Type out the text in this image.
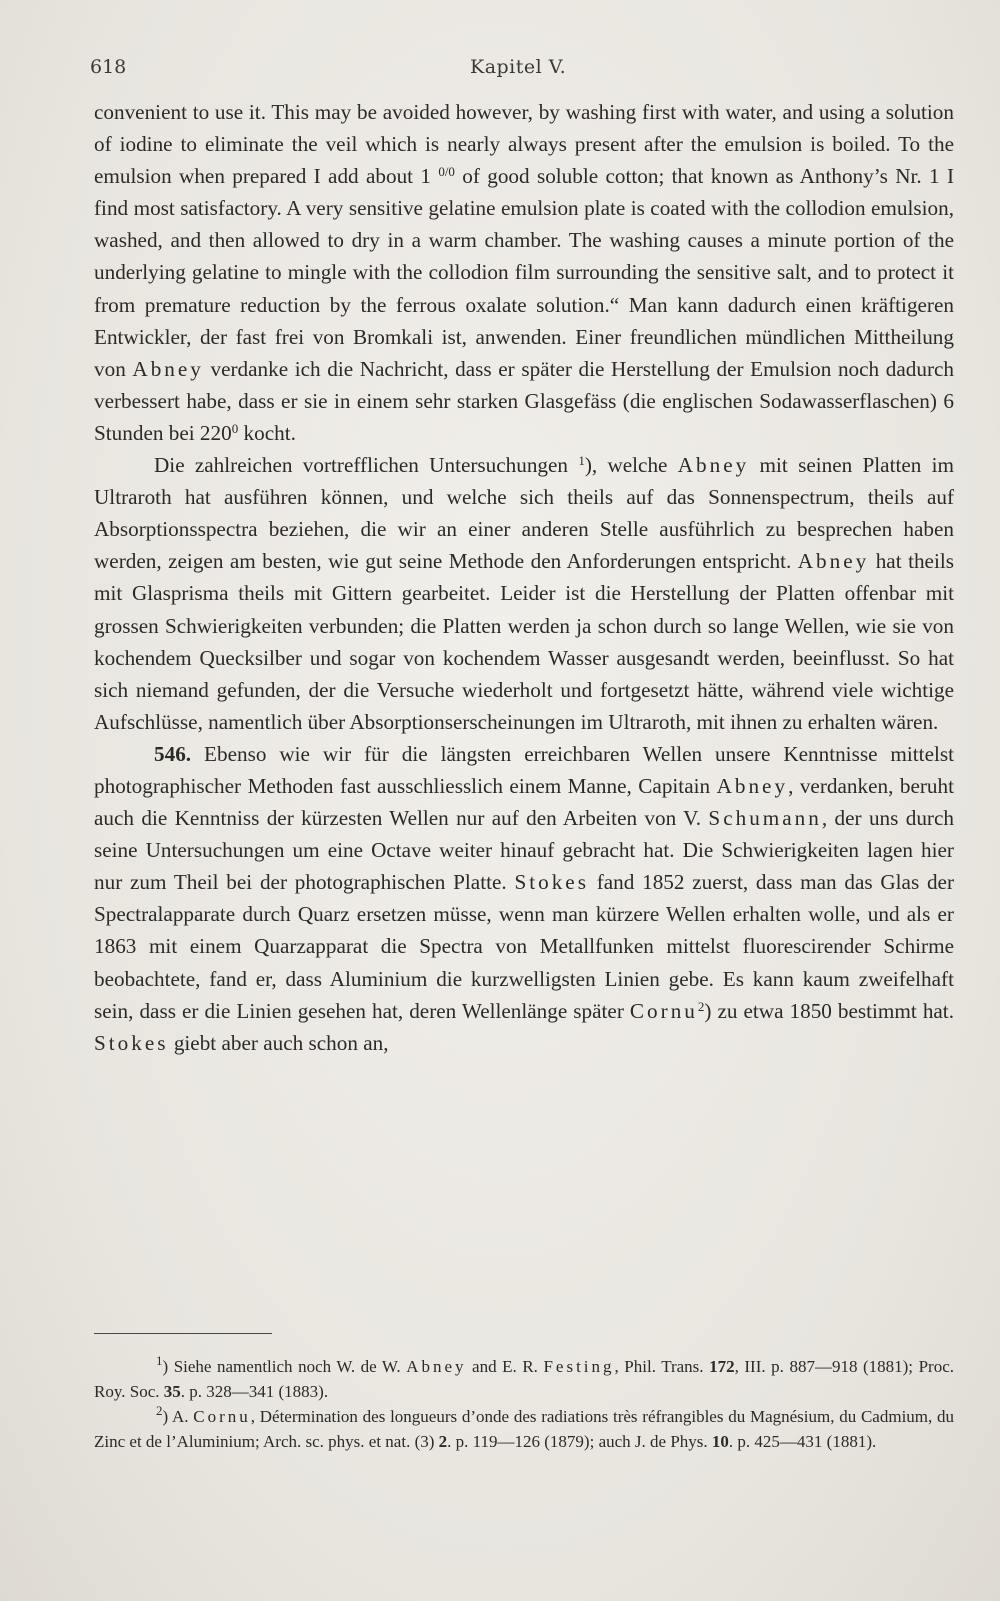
618	Kapitel V.

convenient to use it. This may be avoided however, by washing first with water, and using a solution of iodine to eliminate the veil which is nearly always present after the emulsion is boiled. To the emulsion when prepared I add about 1 $^{0/0}$ of good soluble cotton; that known as Anthony’s Nr. 1 I find most satisfactory. A very sensitive gelatine emulsion plate is coated with the collodion emulsion, washed, and then allowed to dry in a warm chamber. The washing causes a minute portion of the underlying gelatine to mingle with the collodion film surrounding the sensitive salt, and to protect it from premature reduction by the ferrous oxalate solution.“ Man kann dadurch einen kräftigeren Entwickler, der fast frei von Bromkali ist, anwenden. Einer freundlichen mündlichen Mittheilung von Abney verdanke ich die Nachricht, dass er später die Herstellung der Emulsion noch dadurch verbessert habe, dass er sie in einem sehr starken Glasgefäss (die englischen Sodawasserflaschen) 6 Stunden bei $220^0$ kocht.

Die zahlreichen vortrefflichen Untersuchungen $^1$), welche Abney mit seinen Platten im Ultraroth hat ausführen können, und welche sich theils auf das Sonnenspectrum, theils auf Absorptionsspectra beziehen, die wir an einer anderen Stelle ausführlich zu besprechen haben werden, zeigen am besten, wie gut seine Methode den Anforderungen entspricht. Abney hat theils mit Glasprisma theils mit Gittern gearbeitet. Leider ist die Herstellung der Platten offenbar mit grossen Schwierigkeiten verbunden; die Platten werden ja schon durch so lange Wellen, wie sie von kochendem Quecksilber und sogar von kochendem Wasser ausgesandt werden, beeinflusst. So hat sich niemand gefunden, der die Versuche wiederholt und fortgesetzt hätte, während viele wichtige Aufschlüsse, namentlich über Absorptionserscheinungen im Ultraroth, mit ihnen zu erhalten wären.

546. Ebenso wie wir für die längsten erreichbaren Wellen unsere Kenntnisse mittelst photographischer Methoden fast ausschliesslich einem Manne, Capitain Abney, verdanken, beruht auch die Kenntniss der kürzesten Wellen nur auf den Arbeiten von V. Schumann, der uns durch seine Untersuchungen um eine Octave weiter hinauf gebracht hat. Die Schwierigkeiten lagen hier nur zum Theil bei der photographischen Platte. Stokes fand 1852 zuerst, dass man das Glas der Spectralapparate durch Quarz ersetzen müsse, wenn man kürzere Wellen erhalten wolle, und als er 1863 mit einem Quarzapparat die Spectra von Metallfunken mittelst fluorescirender Schirme beobachtete, fand er, dass Aluminium die kurzwelligsten Linien gebe. Es kann kaum zweifelhaft sein, dass er die Linien gesehen hat, deren Wellenlänge später Cornu$^2$) zu etwa 1850 bestimmt hat. Stokes giebt aber auch schon an,

$^1$) Siehe namentlich noch W. de W. Abney and E. R. Festing, Phil. Trans. 172, III. p. 887—918 (1881); Proc. Roy. Soc. 35. p. 328—341 (1883).

$^2$) A. Cornu, Détermination des longueurs d’onde des radiations très réfrangibles du Magnésium, du Cadmium, du Zinc et de l’Aluminium; Arch. sc. phys. et nat. (3) 2. p. 119—126 (1879); auch J. de Phys. 10. p. 425—431 (1881).
